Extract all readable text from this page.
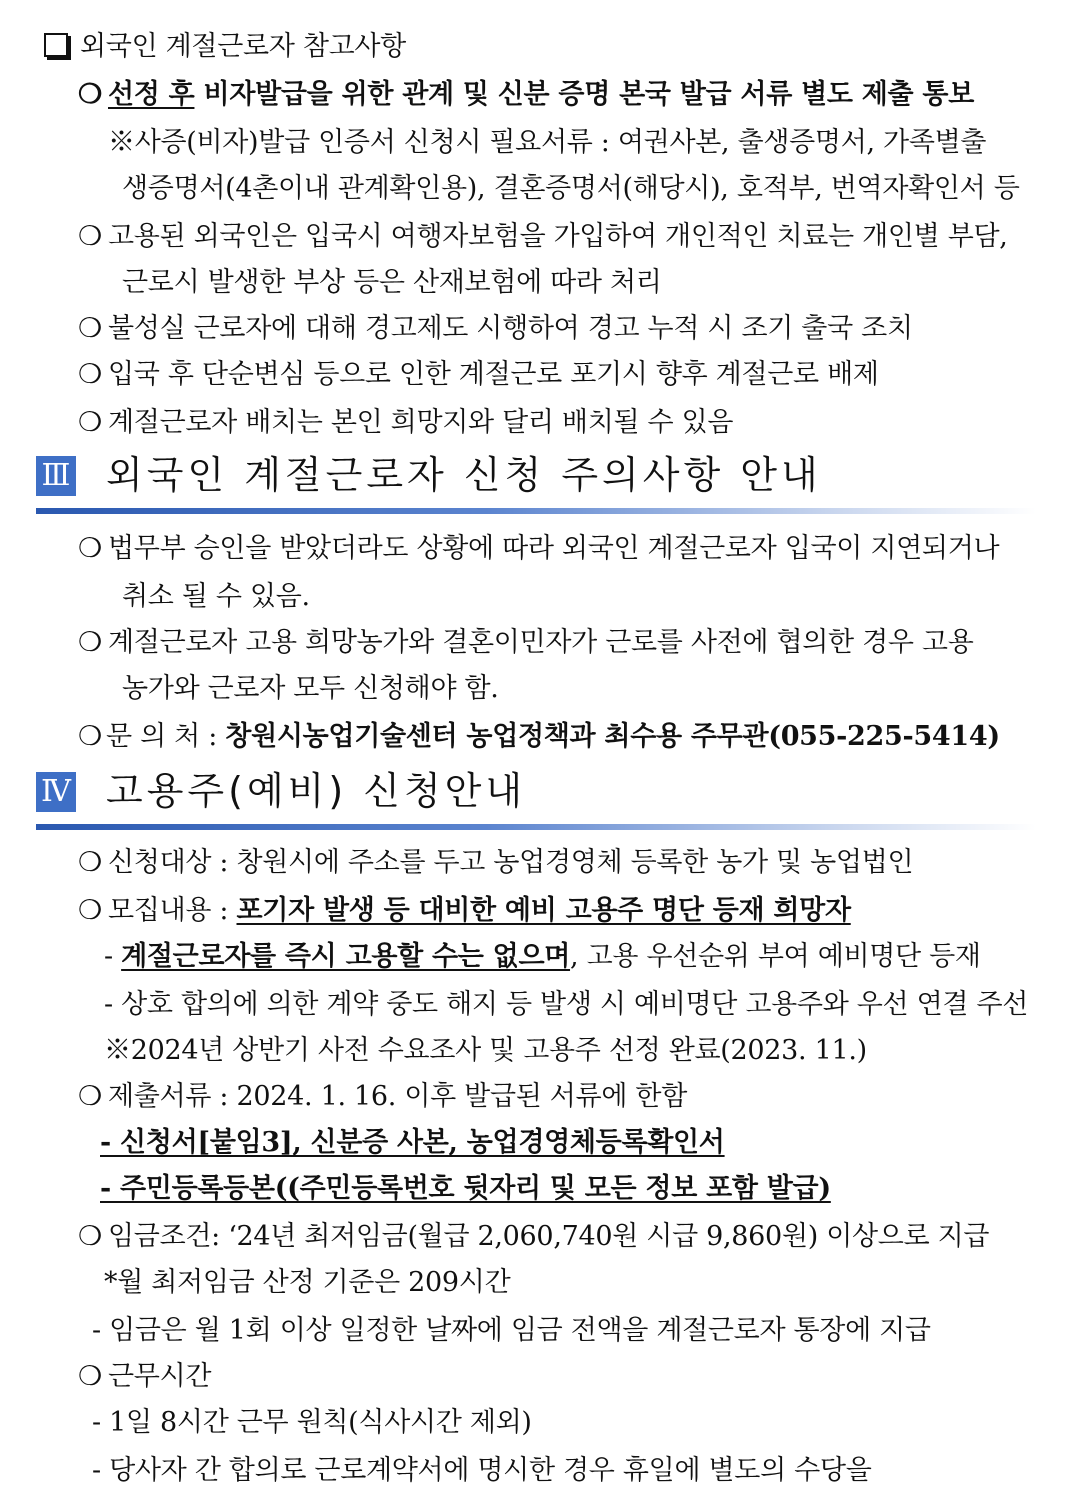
외국인 계절근로자 참고사항
❍ 선정 후 비자발급을 위한 관계 및 신분 증명 본국 발급 서류 별도 제출 통보
※사증(비자)발급 인증서 신청시 필요서류 : 여권사본, 출생증명서, 가족별출
생증명서(4촌이내 관계확인용), 결혼증명서(해당시), 호적부, 번역자확인서 등
❍ 고용된 외국인은 입국시 여행자보험을 가입하여 개인적인 치료는 개인별 부담,
근로시 발생한 부상 등은 산재보험에 따라 처리
❍ 불성실 근로자에 대해 경고제도 시행하여 경고 누적 시 조기 출국 조치
❍ 입국 후 단순변심 등으로 인한 계절근로 포기시 향후 계절근로 배제
❍ 계절근로자 배치는 본인 희망지와 달리 배치될 수 있음
Ⅲ 외국인 계절근로자 신청 주의사항 안내
❍ 법무부 승인을 받았더라도 상황에 따라 외국인 계절근로자 입국이 지연되거나
취소 될 수 있음.
❍ 계절근로자 고용 희망농가와 결혼이민자가 근로를 사전에 협의한 경우 고용
농가와 근로자 모두 신청해야 함.
❍ 문 의 처 : 창원시농업기술센터 농업정책과 최수용 주무관(055-225-5414)
Ⅳ 고용주(예비) 신청안내
❍ 신청대상 : 창원시에 주소를 두고 농업경영체 등록한 농가 및 농업법인
❍ 모집내용 : 포기자 발생 등 대비한 예비 고용주 명단 등재 희망자
- 계절근로자를 즉시 고용할 수는 없으며, 고용 우선순위 부여 예비명단 등재
- 상호 합의에 의한 계약 중도 해지 등 발생 시 예비명단 고용주와 우선 연결 주선
※2024년 상반기 사전 수요조사 및 고용주 선정 완료(2023. 11.)
❍ 제출서류 : 2024. 1. 16. 이후 발급된 서류에 한함
- 신청서[붙임3], 신분증 사본, 농업경영체등록확인서
- 주민등록등본((주민등록번호 뒷자리 및 모든 정보 포함 발급)
❍ 임금조건: ‘24년 최저임금(월급 2,060,740원 시급 9,860원) 이상으로 지급
*월 최저임금 산정 기준은 209시간
- 임금은 월 1회 이상 일정한 날짜에 임금 전액을 계절근로자 통장에 지급
❍ 근무시간
- 1일 8시간 근무 원칙(식사시간 제외)
- 당사자 간 합의로 근로계약서에 명시한 경우 휴일에 별도의 수당을
